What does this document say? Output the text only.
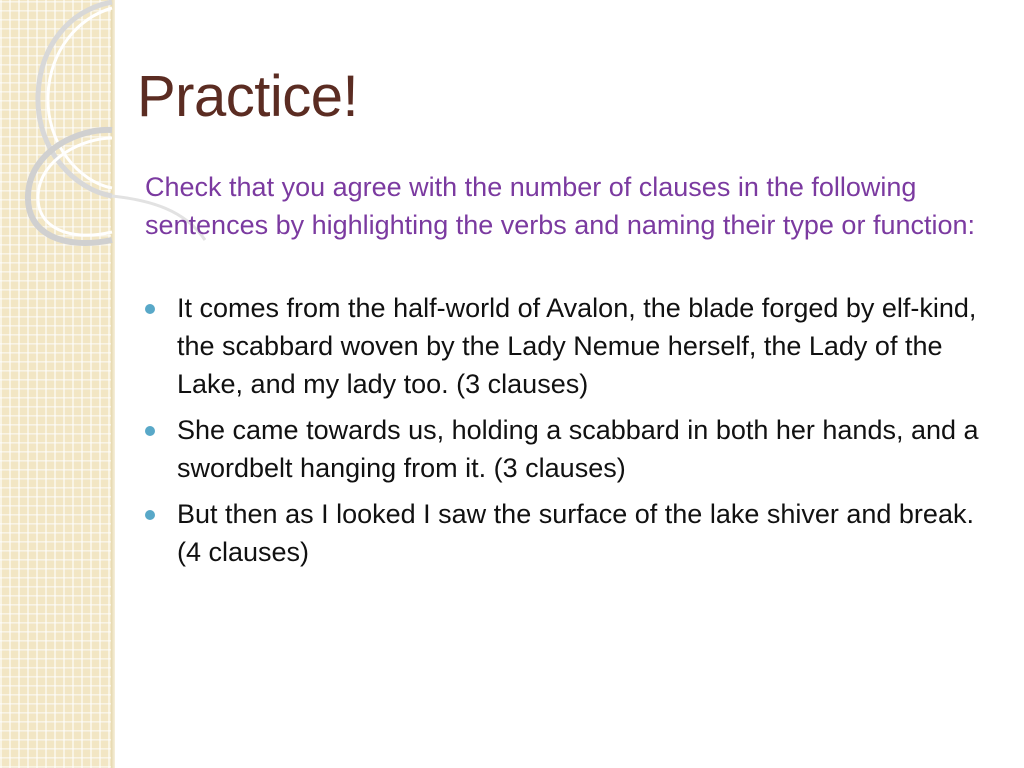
Practice!

Check that you agree with the number of clauses in the following sentences by highlighting the verbs and naming their type or function:

It comes from the half-world of Avalon, the blade forged by elf-kind, the scabbard woven by the Lady Nemue herself, the Lady of the Lake, and my lady too. (3 clauses)
She came towards us, holding a scabbard in both her hands, and a swordbelt hanging from it. (3 clauses)
But then as I looked I saw the surface of the lake shiver and break. (4 clauses)
